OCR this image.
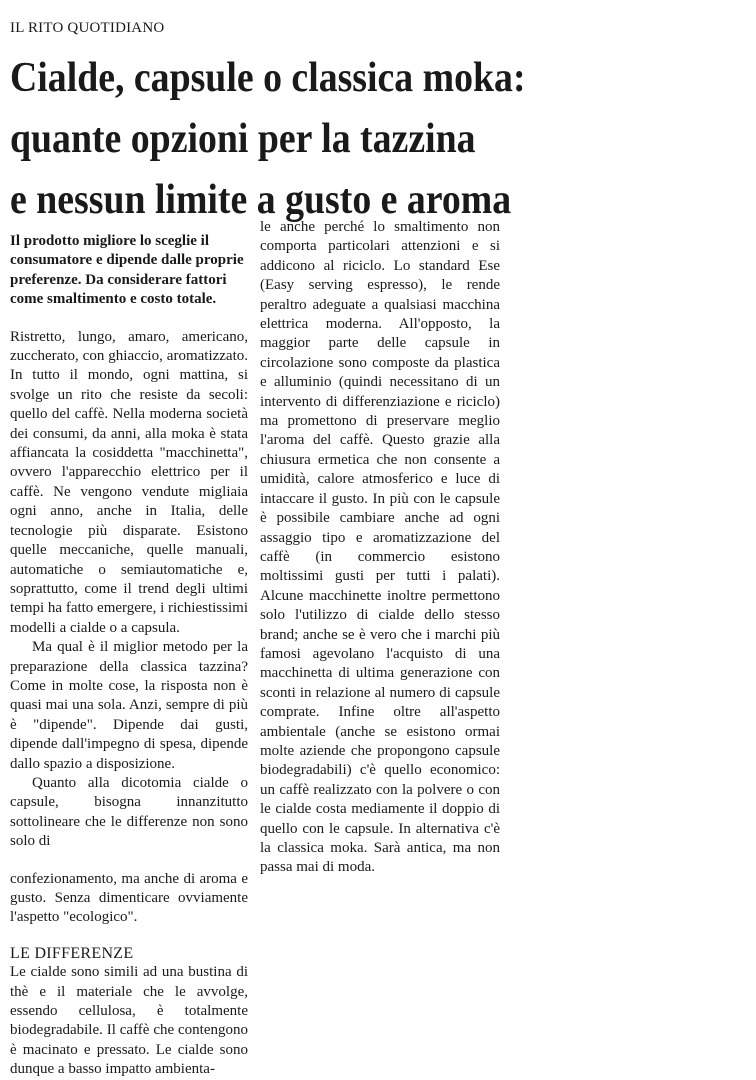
IL RITO QUOTIDIANO
Cialde, capsule o classica moka:
quante opzioni per la tazzina
e nessun limite a gusto e aroma

Il prodotto migliore lo sceglie il consumatore e dipende dalle proprie preferenze. Da considerare fattori come smaltimento e costo totale.

Ristretto, lungo, amaro, americano, zuccherato, con ghiaccio, aromatizzato. In tutto il mondo, ogni mattina, si svolge un rito che resiste da secoli: quello del caffè. Nella moderna società dei consumi, da anni, alla moka è stata affiancata la cosiddetta "macchinetta", ovvero l'apparecchio elettrico per il caffè. Ne vengono vendute migliaia ogni anno, anche in Italia, delle tecnologie più disparate. Esistono quelle meccaniche, quelle manuali, automatiche o semiautomatiche e, soprattutto, come il trend degli ultimi tempi ha fatto emergere, i richiestissimi modelli a cialde o a capsula.

Ma qual è il miglior metodo per la preparazione della classica tazzina? Come in molte cose, la risposta non è quasi mai una sola. Anzi, sempre di più è "dipende". Dipende dai gusti, dipende dall'impegno di spesa, dipende dallo spazio a disposizione.

Quanto alla dicotomia cialde o capsule, bisogna innanzitutto sottolineare che le differenze non sono solo di

confezionamento, ma anche di aroma e gusto. Senza dimenticare ovviamente l'aspetto "ecologico".

LE DIFFERENZE

Le cialde sono simili ad una bustina di thè e il materiale che le avvolge, essendo cellulosa, è totalmente biodegradabile. Il caffè che contengono è macinato e pressato. Le cialde sono dunque a basso impatto ambienta-

le anche perché lo smaltimento non comporta particolari attenzioni e si addicono al riciclo. Lo standard Ese (Easy serving espresso), le rende peraltro adeguate a qualsiasi macchina elettrica moderna. All'opposto, la maggior parte delle capsule in circolazione sono composte da plastica e alluminio (quindi necessitano di un intervento di differenziazione e riciclo) ma promettono di preservare meglio l'aroma del caffè. Questo grazie alla chiusura ermetica che non consente a umidità, calore atmosferico e luce di intaccare il gusto. In più con le capsule è possibile cambiare anche ad ogni assaggio tipo e aromatizzazione del caffè (in commercio esistono moltissimi gusti per tutti i palati). Alcune macchinette inoltre permettono solo l'utilizzo di cialde dello stesso brand; anche se è vero che i marchi più famosi agevolano l'acquisto di una macchinetta di ultima generazione con sconti in relazione al numero di capsule comprate. Infine oltre all'aspetto ambientale (anche se esistono ormai molte aziende che propongono capsule biodegradabili) c'è quello economico: un caffè realizzato con la polvere o con le cialde costa mediamente il doppio di quello con le capsule. In alternativa c'è la classica moka. Sarà antica, ma non passa mai di moda.
